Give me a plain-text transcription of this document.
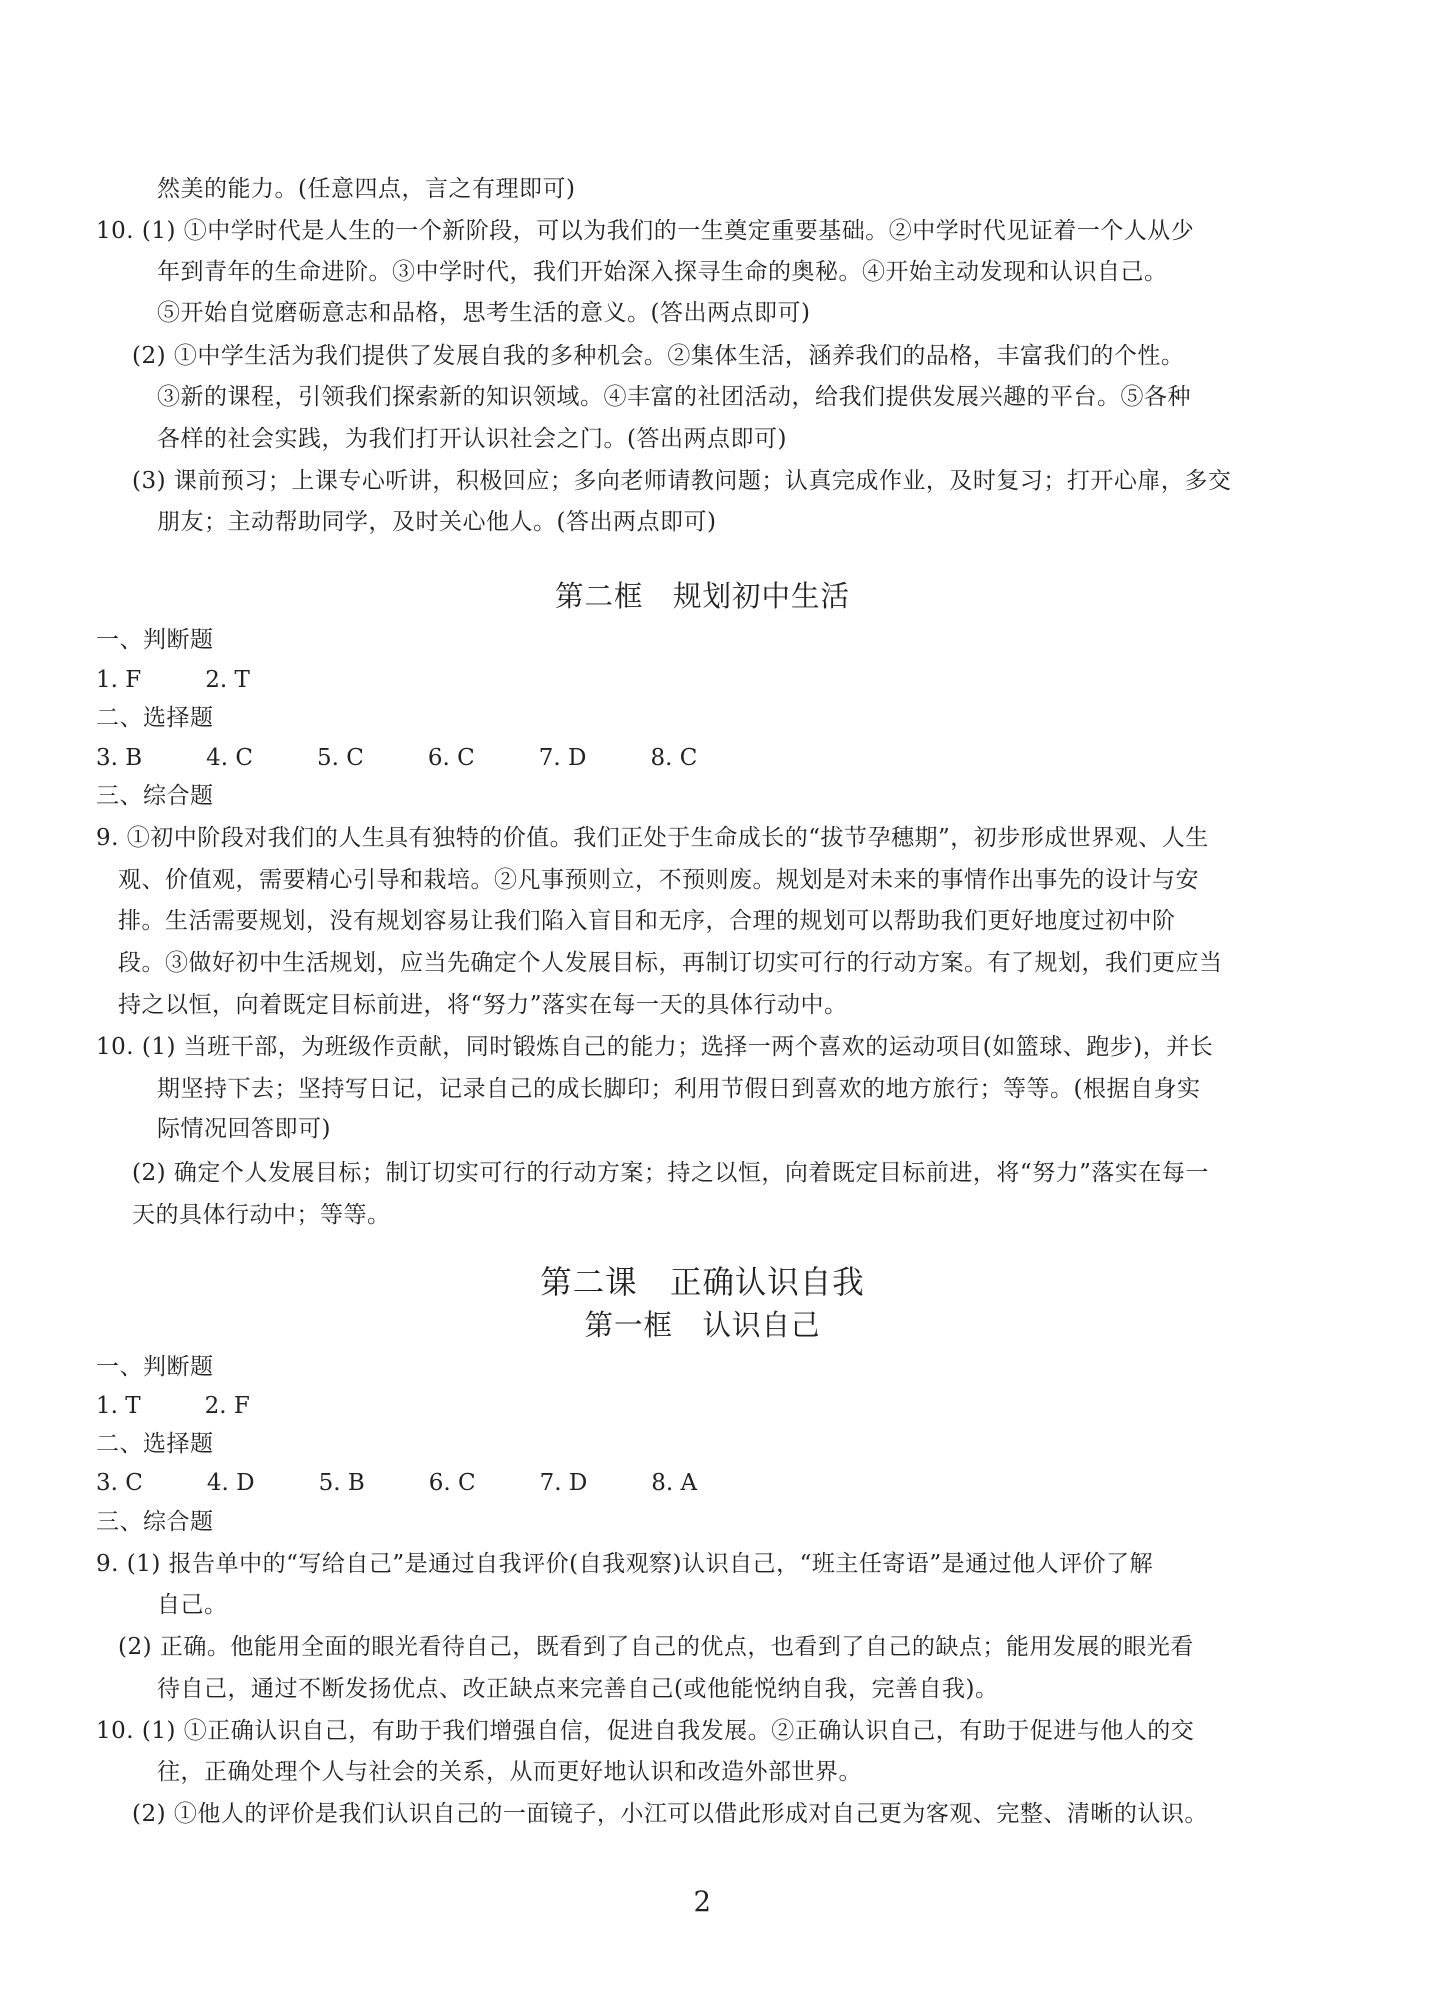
然美的能力。(任意四点，言之有理即可)
10. (1) ①中学时代是人生的一个新阶段，可以为我们的一生奠定重要基础。②中学时代见证着一个人从少
年到青年的生命进阶。③中学时代，我们开始深入探寻生命的奥秘。④开始主动发现和认识自己。
⑤开始自觉磨砺意志和品格，思考生活的意义。(答出两点即可)
(2) ①中学生活为我们提供了发展自我的多种机会。②集体生活，涵养我们的品格，丰富我们的个性。
③新的课程，引领我们探索新的知识领域。④丰富的社团活动，给我们提供发展兴趣的平台。⑤各种
各样的社会实践，为我们打开认识社会之门。(答出两点即可)
(3) 课前预习；上课专心听讲，积极回应；多向老师请教问题；认真完成作业，及时复习；打开心扉，多交
朋友；主动帮助同学，及时关心他人。(答出两点即可)
第二框　规划初中生活
一、判断题
1. F	2. T
二、选择题
3. B	4. C	5. C	6. C	7. D	8. C
三、综合题
9. ①初中阶段对我们的人生具有独特的价值。我们正处于生命成长的“拔节孕穗期”，初步形成世界观、人生
观、价值观，需要精心引导和栽培。②凡事预则立，不预则废。规划是对未来的事情作出事先的设计与安
排。生活需要规划，没有规划容易让我们陷入盲目和无序，合理的规划可以帮助我们更好地度过初中阶
段。③做好初中生活规划，应当先确定个人发展目标，再制订切实可行的行动方案。有了规划，我们更应当
持之以恒，向着既定目标前进，将“努力”落实在每一天的具体行动中。
10. (1) 当班干部，为班级作贡献，同时锻炼自己的能力；选择一两个喜欢的运动项目(如篮球、跑步)，并长
期坚持下去；坚持写日记，记录自己的成长脚印；利用节假日到喜欢的地方旅行；等等。(根据自身实
际情况回答即可)
(2) 确定个人发展目标；制订切实可行的行动方案；持之以恒，向着既定目标前进，将“努力”落实在每一
天的具体行动中；等等。
第二课　正确认识自我
第一框　认识自己
一、判断题
1. T	2. F
二、选择题
3. C	4. D	5. B	6. C	7. D	8. A
三、综合题
9. (1) 报告单中的“写给自己”是通过自我评价(自我观察)认识自己，“班主任寄语”是通过他人评价了解
自己。
(2) 正确。他能用全面的眼光看待自己，既看到了自己的优点，也看到了自己的缺点；能用发展的眼光看
待自己，通过不断发扬优点、改正缺点来完善自己(或他能悦纳自我，完善自我)。
10. (1) ①正确认识自己，有助于我们增强自信，促进自我发展。②正确认识自己，有助于促进与他人的交
往，正确处理个人与社会的关系，从而更好地认识和改造外部世界。
(2) ①他人的评价是我们认识自己的一面镜子，小江可以借此形成对自己更为客观、完整、清晰的认识。
2
